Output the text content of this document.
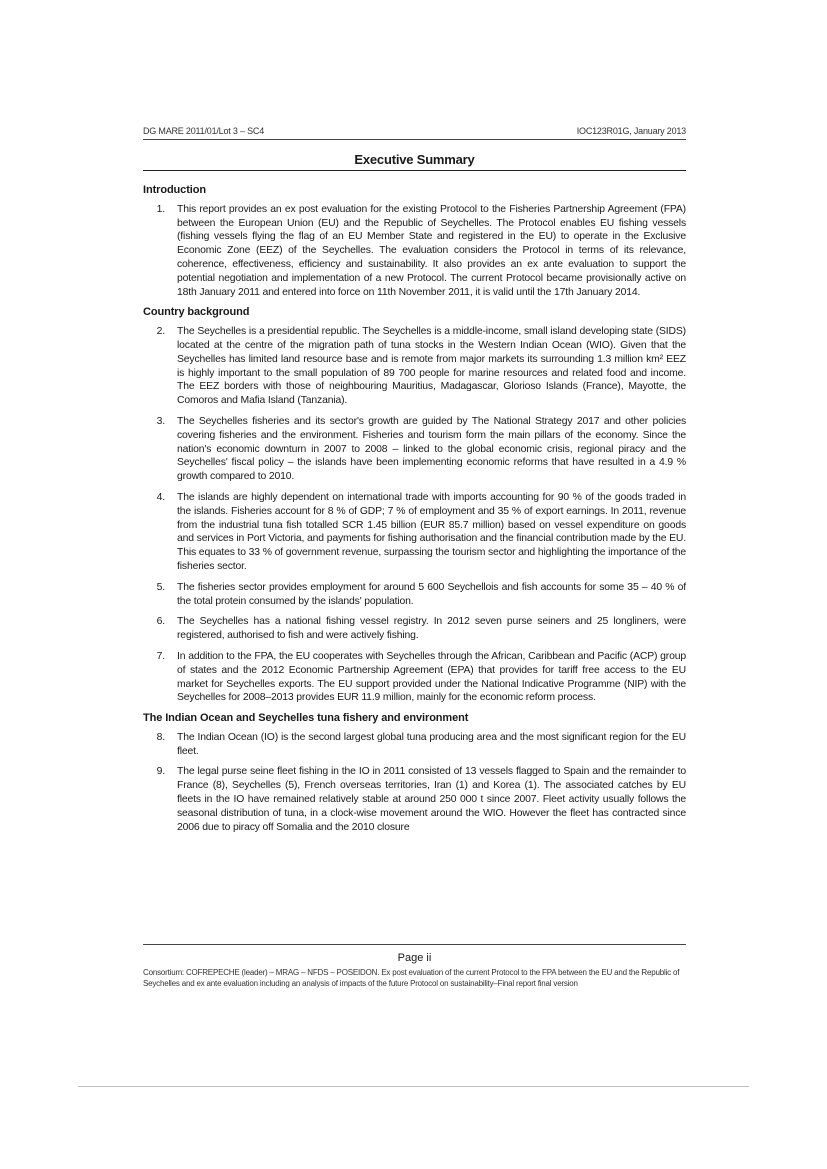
DG MARE 2011/01/Lot 3 – SC4	IOC123R01G, January 2013
Executive Summary
Introduction
1.	This report provides an ex post evaluation for the existing Protocol to the Fisheries Partnership Agreement (FPA) between the European Union (EU) and the Republic of Seychelles. The Protocol enables EU fishing vessels (fishing vessels flying the flag of an EU Member State and registered in the EU) to operate in the Exclusive Economic Zone (EEZ) of the Seychelles. The evaluation considers the Protocol in terms of its relevance, coherence, effectiveness, efficiency and sustainability. It also provides an ex ante evaluation to support the potential negotiation and implementation of a new Protocol. The current Protocol became provisionally active on 18th January 2011 and entered into force on 11th November 2011, it is valid until the 17th January 2014.
Country background
2.	The Seychelles is a presidential republic. The Seychelles is a middle-income, small island developing state (SIDS) located at the centre of the migration path of tuna stocks in the Western Indian Ocean (WIO). Given that the Seychelles has limited land resource base and is remote from major markets its surrounding 1.3 million km² EEZ is highly important to the small population of 89 700 people for marine resources and related food and income. The EEZ borders with those of neighbouring Mauritius, Madagascar, Glorioso Islands (France), Mayotte, the Comoros and Mafia Island (Tanzania).
3.	The Seychelles fisheries and its sector's growth are guided by The National Strategy 2017 and other policies covering fisheries and the environment. Fisheries and tourism form the main pillars of the economy. Since the nation's economic downturn in 2007 to 2008 – linked to the global economic crisis, regional piracy and the Seychelles' fiscal policy – the islands have been implementing economic reforms that have resulted in a 4.9 % growth compared to 2010.
4.	The islands are highly dependent on international trade with imports accounting for 90 % of the goods traded in the islands. Fisheries account for 8 % of GDP; 7 % of employment and 35 % of export earnings. In 2011, revenue from the industrial tuna fish totalled SCR 1.45 billion (EUR 85.7 million) based on vessel expenditure on goods and services in Port Victoria, and payments for fishing authorisation and the financial contribution made by the EU. This equates to 33 % of government revenue, surpassing the tourism sector and highlighting the importance of the fisheries sector.
5.	The fisheries sector provides employment for around 5 600 Seychellois and fish accounts for some 35 – 40 % of the total protein consumed by the islands' population.
6.	The Seychelles has a national fishing vessel registry. In 2012 seven purse seiners and 25 longliners, were registered, authorised to fish and were actively fishing.
7.	In addition to the FPA, the EU cooperates with Seychelles through the African, Caribbean and Pacific (ACP) group of states and the 2012 Economic Partnership Agreement (EPA) that provides for tariff free access to the EU market for Seychelles exports. The EU support provided under the National Indicative Programme (NIP) with the Seychelles for 2008–2013 provides EUR 11.9 million, mainly for the economic reform process.
The Indian Ocean and Seychelles tuna fishery and environment
8.	The Indian Ocean (IO) is the second largest global tuna producing area and the most significant region for the EU fleet.
9.	The legal purse seine fleet fishing in the IO in 2011 consisted of 13 vessels flagged to Spain and the remainder to France (8), Seychelles (5), French overseas territories, Iran (1) and Korea (1). The associated catches by EU fleets in the IO have remained relatively stable at around 250 000 t since 2007. Fleet activity usually follows the seasonal distribution of tuna, in a clock-wise movement around the WIO. However the fleet has contracted since 2006 due to piracy off Somalia and the 2010 closure
Page ii
Consortium: COFREPECHE (leader) – MRAG – NFDS – POSEIDON. Ex post evaluation of the current Protocol to the FPA between the EU and the Republic of Seychelles and ex ante evaluation including an analysis of impacts of the future Protocol on sustainability–Final report final version
